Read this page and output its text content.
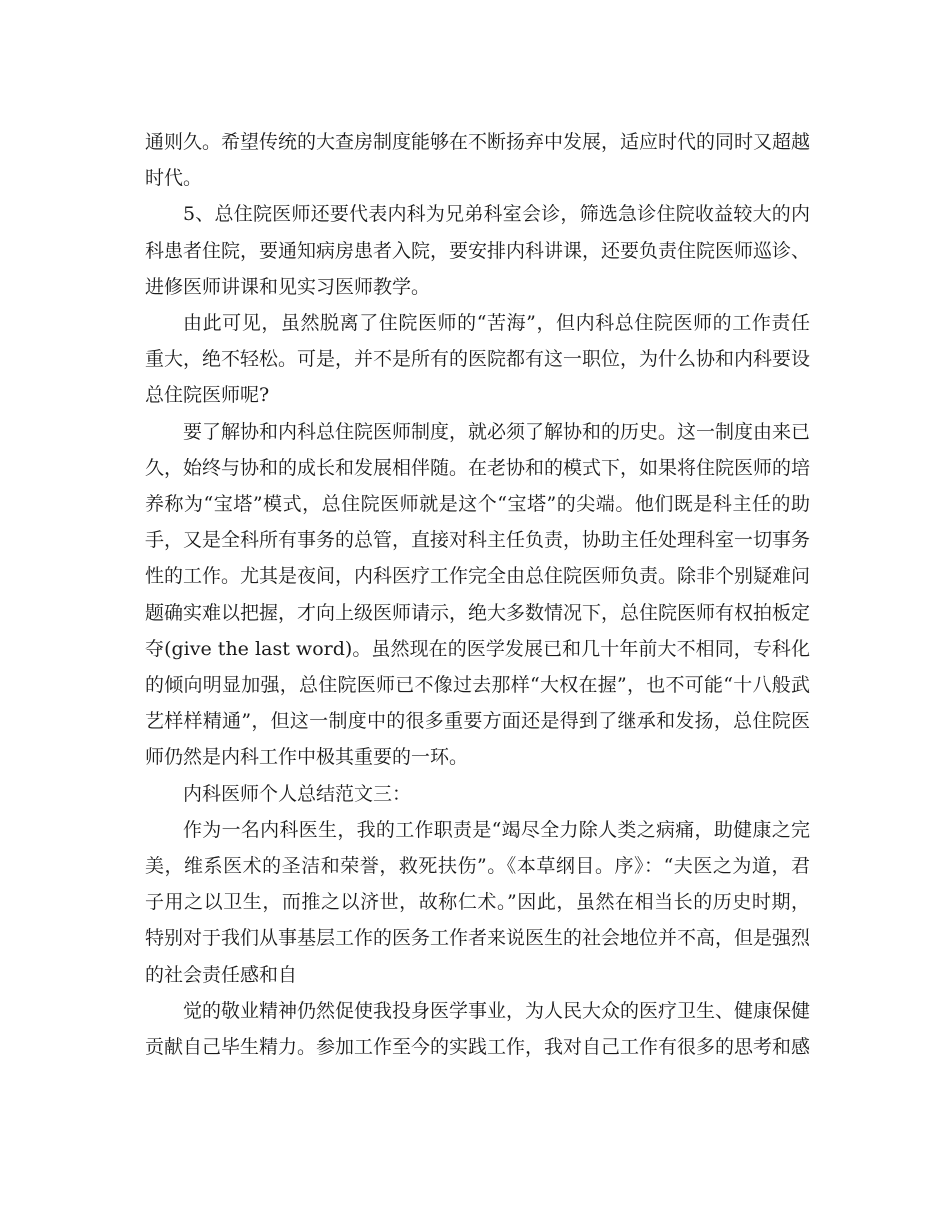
通则久。希望传统的大查房制度能够在不断扬弃中发展，适应时代的同时又超越时代。

5、总住院医师还要代表内科为兄弟科室会诊，筛选急诊住院收益较大的内科患者住院，要通知病房患者入院，要安排内科讲课，还要负责住院医师巡诊、进修医师讲课和见实习医师教学。

由此可见，虽然脱离了住院医师的“苦海”，但内科总住院医师的工作责任重大，绝不轻松。可是，并不是所有的医院都有这一职位，为什么协和内科要设总住院医师呢?

要了解协和内科总住院医师制度，就必须了解协和的历史。这一制度由来已久，始终与协和的成长和发展相伴随。在老协和的模式下，如果将住院医师的培养称为“宝塔”模式，总住院医师就是这个“宝塔”的尖端。他们既是科主任的助手，又是全科所有事务的总管，直接对科主任负责，协助主任处理科室一切事务性的工作。尤其是夜间，内科医疗工作完全由总住院医师负责。除非个别疑难问题确实难以把握，才向上级医师请示，绝大多数情况下，总住院医师有权拍板定夺(give the last word)。虽然现在的医学发展已和几十年前大不相同，专科化的倾向明显加强，总住院医师已不像过去那样“大权在握”，也不可能“十八般武艺样样精通”，但这一制度中的很多重要方面还是得到了继承和发扬，总住院医师仍然是内科工作中极其重要的一环。

内科医师个人总结范文三：

作为一名内科医生，我的工作职责是“竭尽全力除人类之病痛，助健康之完美，维系医术的圣洁和荣誉，救死扶伤”。《本草纲目。序》：“夫医之为道，君子用之以卫生，而推之以济世，故称仁术。”因此，虽然在相当长的历史时期，特别对于我们从事基层工作的医务工作者来说医生的社会地位并不高，但是强烈的社会责任感和自

觉的敬业精神仍然促使我投身医学事业，为人民大众的医疗卫生、健康保健贡献自己毕生精力。参加工作至今的实践工作，我对自己工作有很多的思考和感
